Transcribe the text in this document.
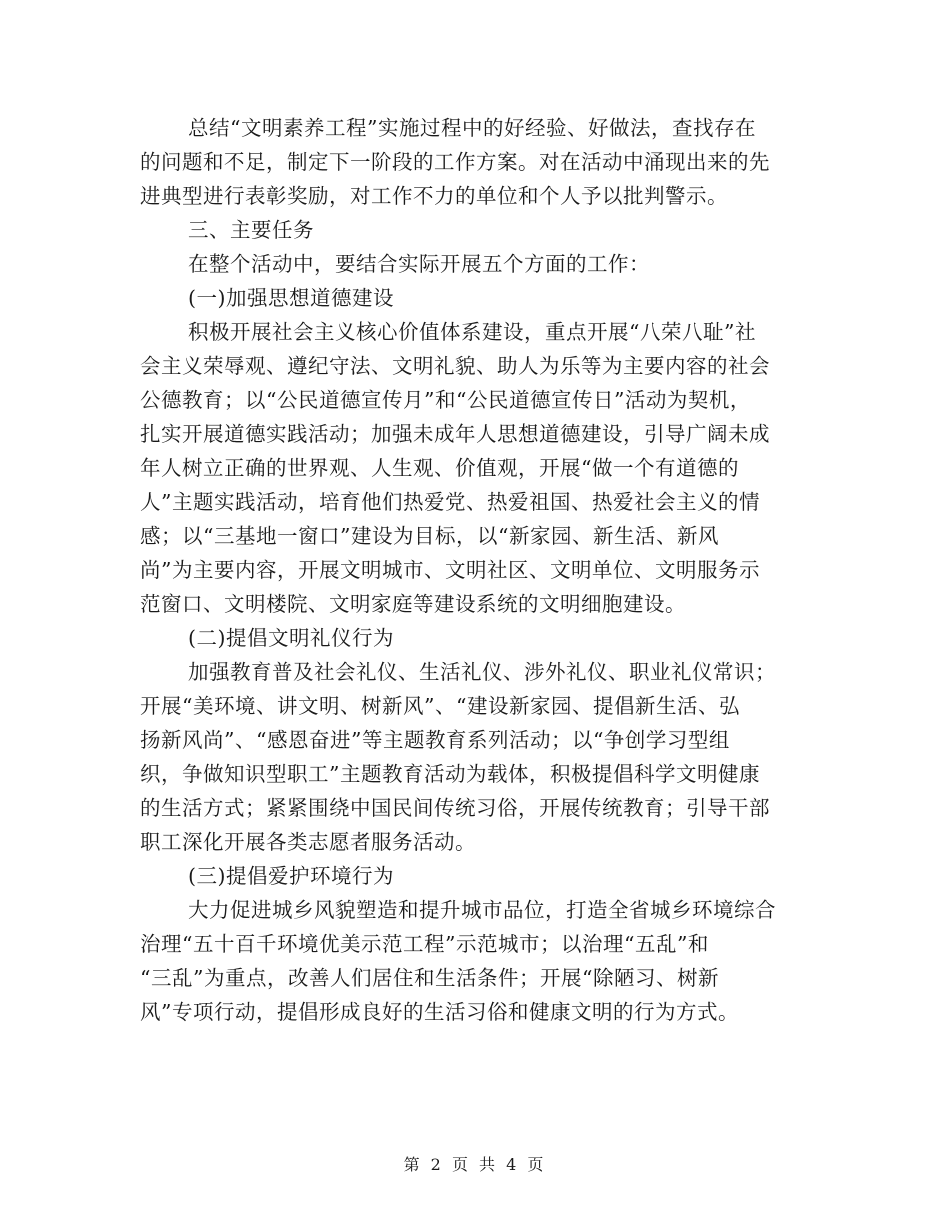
总结“文明素养工程”实施过程中的好经验、好做法，查找存在
的问题和不足，制定下一阶段的工作方案。对在活动中涌现出来的先
进典型进行表彰奖励，对工作不力的单位和个人予以批判警示。
三、主要任务
在整个活动中，要结合实际开展五个方面的工作：
(一)加强思想道德建设
积极开展社会主义核心价值体系建设，重点开展“八荣八耻”社
会主义荣辱观、遵纪守法、文明礼貌、助人为乐等为主要内容的社会
公德教育；以“公民道德宣传月”和“公民道德宣传日”活动为契机，
扎实开展道德实践活动；加强未成年人思想道德建设，引导广阔未成
年人树立正确的世界观、人生观、价值观，开展“做一个有道德的
人”主题实践活动，培育他们热爱党、热爱祖国、热爱社会主义的情
感；以“三基地一窗口”建设为目标，以“新家园、新生活、新风
尚”为主要内容，开展文明城市、文明社区、文明单位、文明服务示
范窗口、文明楼院、文明家庭等建设系统的文明细胞建设。
(二)提倡文明礼仪行为
加强教育普及社会礼仪、生活礼仪、涉外礼仪、职业礼仪常识；
开展“美环境、讲文明、树新风”、“建设新家园、提倡新生活、弘
扬新风尚”、“感恩奋进”等主题教育系列活动；以“争创学习型组
织，争做知识型职工”主题教育活动为载体，积极提倡科学文明健康
的生活方式；紧紧围绕中国民间传统习俗，开展传统教育；引导干部
职工深化开展各类志愿者服务活动。
(三)提倡爱护环境行为
大力促进城乡风貌塑造和提升城市品位，打造全省城乡环境综合
治理“五十百千环境优美示范工程”示范城市；以治理“五乱”和
“三乱”为重点，改善人们居住和生活条件；开展“除陋习、树新
风”专项行动，提倡形成良好的生活习俗和健康文明的行为方式。
第 2 页 共 4 页
